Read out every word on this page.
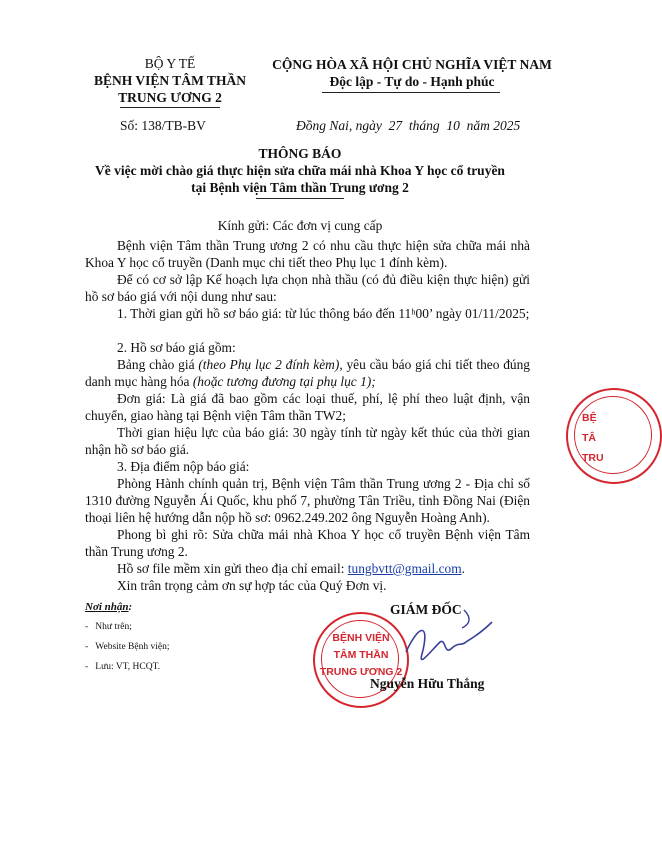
BỘ Y TẾ
BỆNH VIỆN TÂM THẦN
TRUNG ƯƠNG 2
CỘNG HÒA XÃ HỘI CHỦ NGHĨA VIỆT NAM
Độc lập - Tự do - Hạnh phúc
Số: 138/TB-BV	Đồng Nai, ngày  27  tháng  10  năm 2025
THÔNG BÁO
Về việc mời chào giá thực hiện sửa chữa mái nhà Khoa Y học cổ truyền
tại Bệnh viện Tâm thần Trung ương 2
Kính gửi: Các đơn vị cung cấp
Bệnh viện Tâm thần Trung ương 2 có nhu cầu thực hiện sửa chữa mái nhà Khoa Y học cổ truyền (Danh mục chi tiết theo Phụ lục 1 đính kèm).
Để có cơ sở lập Kế hoạch lựa chọn nhà thầu (có đủ điều kiện thực hiện) gửi hồ sơ báo giá với nội dung như sau:
1. Thời gian gửi hồ sơ báo giá: từ lúc thông báo đến 11ʰ00’ ngày 01/11/2025;
2. Hồ sơ báo giá gồm:
Bảng chào giá (theo Phụ lục 2 đính kèm), yêu cầu báo giá chi tiết theo đúng danh mục hàng hóa (hoặc tương đương tại phụ lục 1);
Đơn giá: Là giá đã bao gồm các loại thuế, phí, lệ phí theo luật định, vận chuyển, giao hàng tại Bệnh viện Tâm thần TW2;
Thời gian hiệu lực của báo giá: 30 ngày tính từ ngày kết thúc của thời gian nhận hồ sơ báo giá.
3. Địa điểm nộp báo giá:
Phòng Hành chính quản trị, Bệnh viện Tâm thần Trung ương 2 - Địa chỉ số 1310 đường Nguyễn Ái Quốc, khu phố 7, phường Tân Triều, tỉnh Đồng Nai (Điện thoại liên hệ hướng dẫn nộp hồ sơ: 0962.249.202 ông Nguyễn Hoàng Anh).
Phong bì ghi rõ: Sửa chữa mái nhà Khoa Y học cổ truyền Bệnh viện Tâm thần Trung ương 2.
Hồ sơ file mềm xin gửi theo địa chỉ email: tungbvtt@gmail.com.
Xin trân trọng cảm ơn sự hợp tác của Quý Đơn vị.
Nơi nhận:
-   Như trên;
-   Website Bệnh viện;
-   Lưu: VT, HCQT.
GIÁM ĐỐC
BỆNH VIỆN
TÂM THẦN
TRUNG ƯƠNG 2
Nguyễn Hữu Thắng
BỆ
TÂ
TRU
